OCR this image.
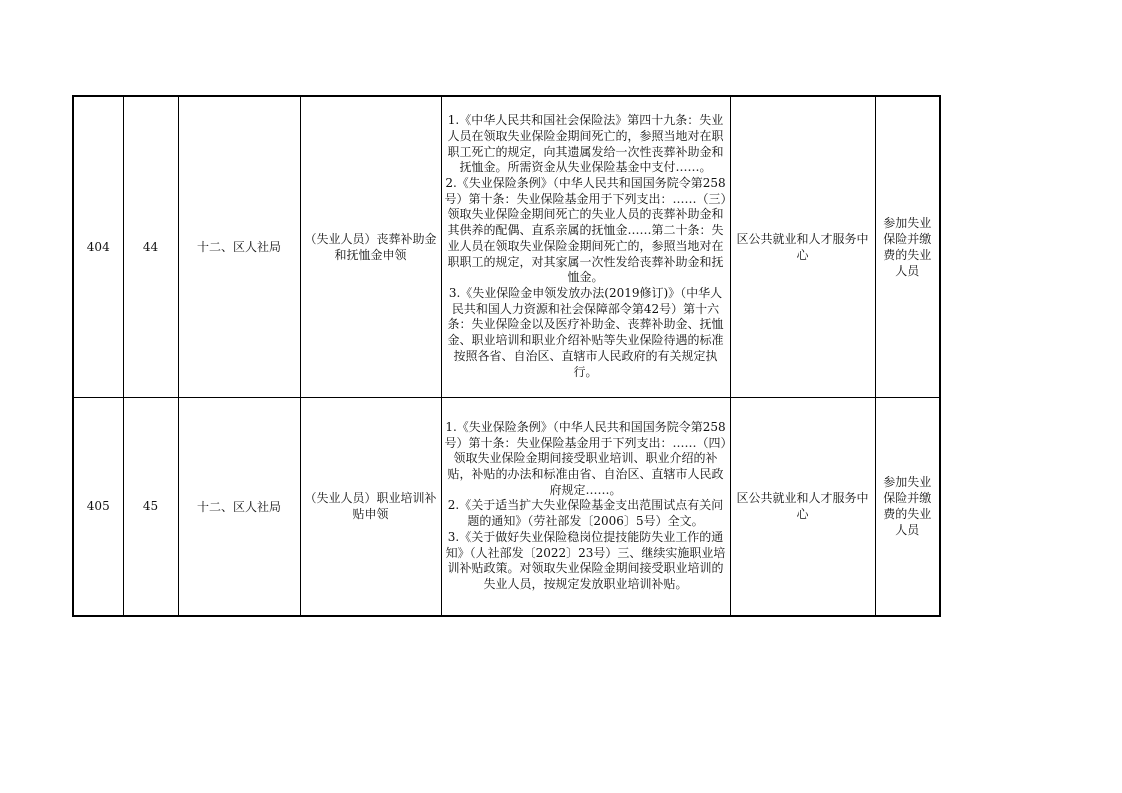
404	44	十二、区人社局	（失业人员）丧葬补助金和抚恤金申领	1.《中华人民共和国社会保险法》第四十九条：失业人员在领取失业保险金期间死亡的，参照当地对在职职工死亡的规定，向其遗属发给一次性丧葬补助金和抚恤金。所需资金从失业保险基金中支付……。

2.《失业保险条例》（中华人民共和国国务院令第258号）第十条：失业保险基金用于下列支出：……（三）领取失业保险金期间死亡的失业人员的丧葬补助金和其供养的配偶、直系亲属的抚恤金……第二十条：失业人员在领取失业保险金期间死亡的，参照当地对在职职工的规定，对其家属一次性发给丧葬补助金和抚恤金。

3.《失业保险金申领发放办法(2019修订)》（中华人民共和国人力资源和社会保障部令第42号）第十六条：失业保险金以及医疗补助金、丧葬补助金、抚恤金、职业培训和职业介绍补贴等失业保险待遇的标准按照各省、自治区、直辖市人民政府的有关规定执行。	区公共就业和人才服务中心	参加失业保险并缴费的失业人员
405	45	十二、区人社局	（失业人员）职业培训补贴申领	1.《失业保险条例》（中华人民共和国国务院令第258号）第十条：失业保险基金用于下列支出：……（四）领取失业保险金期间接受职业培训、职业介绍的补贴，补贴的办法和标准由省、自治区、直辖市人民政府规定……。

2.《关于适当扩大失业保险基金支出范围试点有关问题的通知》（劳社部发〔2006〕5号）全文。

3.《关于做好失业保险稳岗位提技能防失业工作的通知》（人社部发〔2022〕23号）三、继续实施职业培训补贴政策。对领取失业保险金期间接受职业培训的失业人员，按规定发放职业培训补贴。	区公共就业和人才服务中心	参加失业保险并缴费的失业人员
